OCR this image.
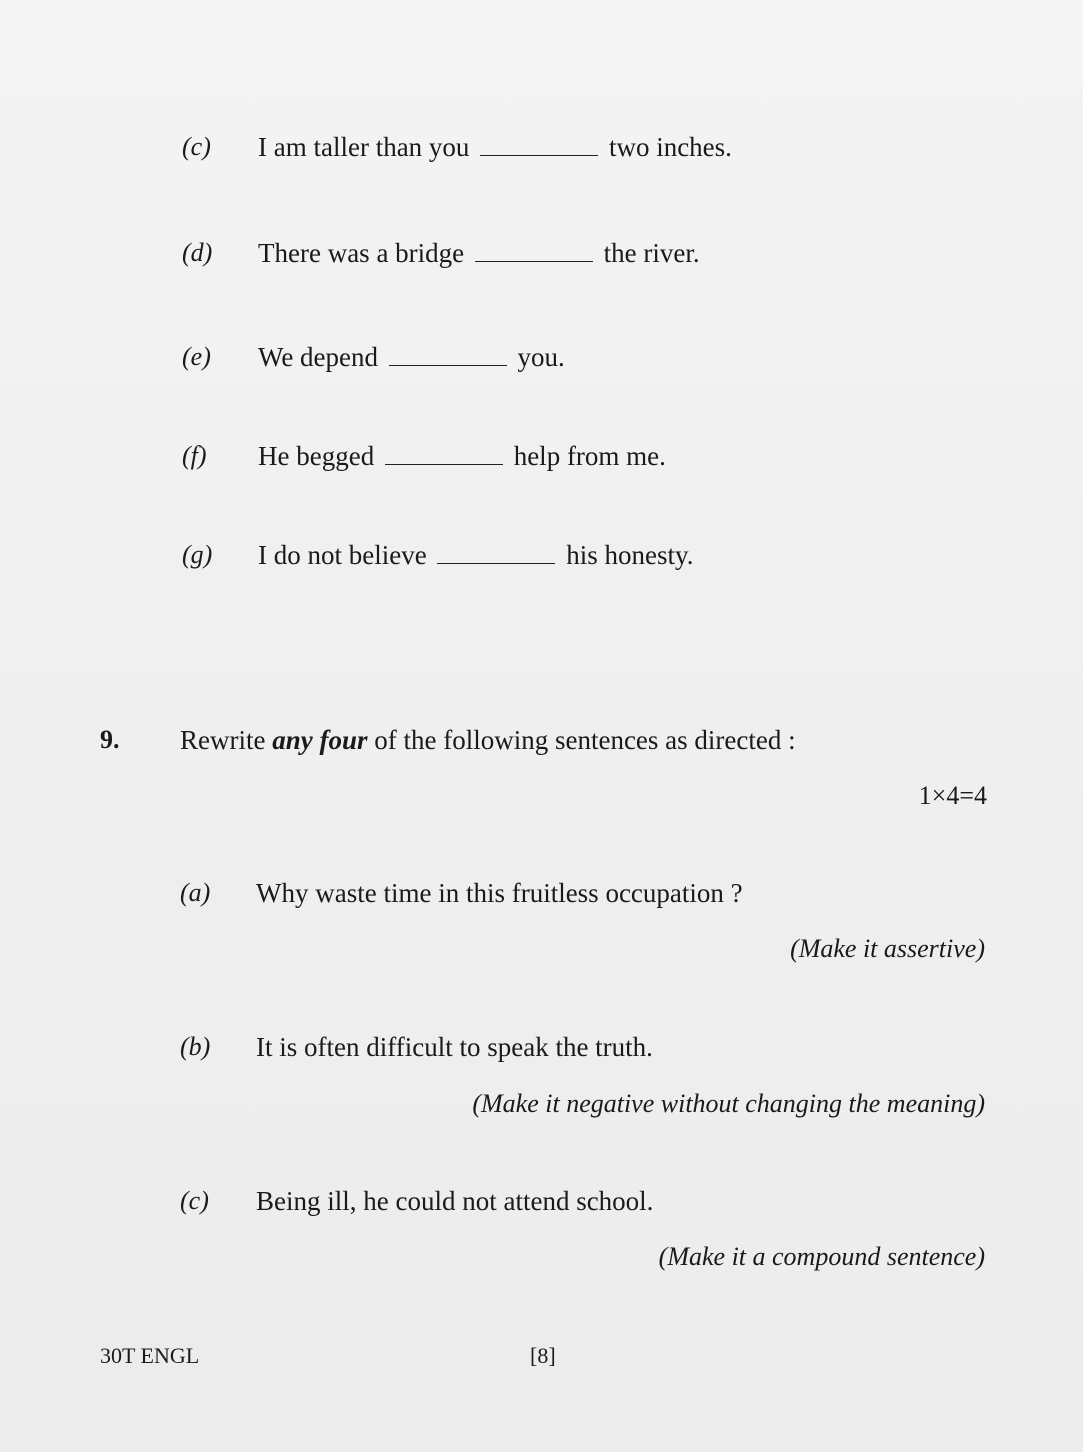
(c) I am taller than you	two inches.
(d) There was a bridge	the river.
(e) We depend	you.
(f) He begged	help from me.
(g) I do not believe	his honesty.
9. Rewrite any four of the following sentences as directed :
1×4=4
(a) Why waste time in this fruitless occupation ?
(Make it assertive)
(b) It is often difficult to speak the truth.
(Make it negative without changing the meaning)
(c) Being ill, he could not attend school.
(Make it a compound sentence)
30T ENGL	[8]
